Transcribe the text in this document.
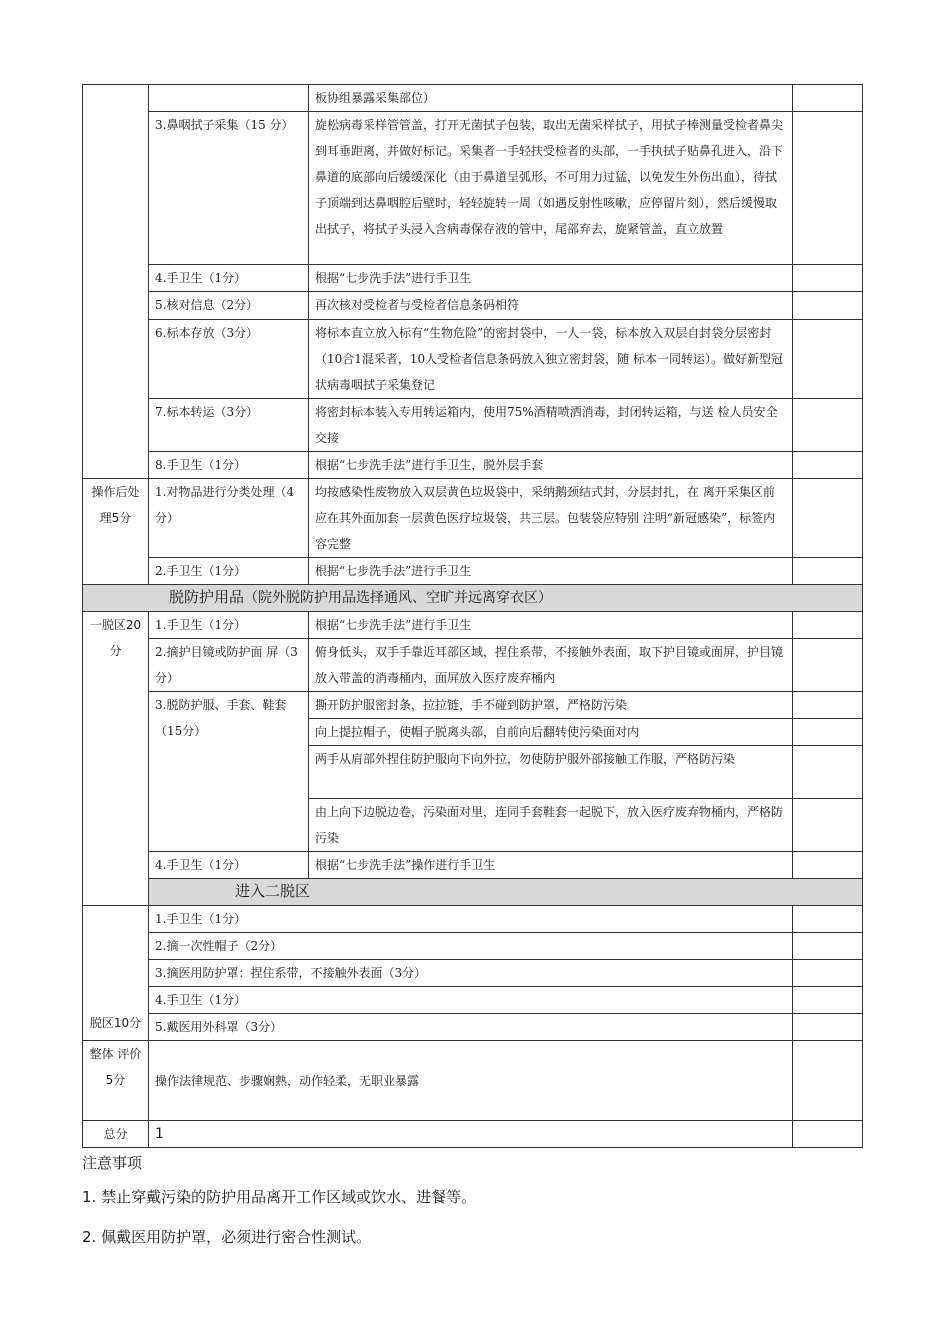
		板协组暴露采集部位）	
	3.鼻咽拭子采集（15 分）	旋松病毒采样管管盖，打开无菌拭子包装，取出无菌采样拭子，用拭子棒测量受检者鼻尖到耳垂距离，并做好标记。采集者一手轻扶受检者的头部，一手执拭子贴鼻孔进入，沿下鼻道的底部向后缓缓深化（由于鼻道呈弧形，不可用力过猛，以免发生外伤出血），待拭子顶端到达鼻咽腔后壁时，轻轻旋转一周（如遇反射性咳嗽，应停留片刻），然后缓慢取出拭子，将拭子头浸入含病毒保存液的管中，尾部弃去，旋紧管盖，直立放置	
	4.手卫生（1分）	根据“七步洗手法”进行手卫生	
	5.核对信息（2分）	再次核对受检者与受检者信息条码相符	
	6.标本存放（3分）	将标本直立放入标有“生物危险”的密封袋中，一人一袋，标本放入双层自封袋分层密封（10合1混采者，10人受检者信息条码放入独立密封袋，随 标本一同转运）。做好新型冠状病毒咽拭子采集登记	
	7.标本转运（3分）	将密封标本装入专用转运箱内，使用75%酒精喷洒消毒，封闭转运箱，与送 检人员安全交接	
	8.手卫生（1分）	根据“七步洗手法”进行手卫生，脱外层手套	
操作后处理5分	1.对物品进行分类处理（4分）	均按感染性废物放入双层黄色垃圾袋中，采纳鹅颈结式封，分层封扎，在 离开采集区前应在其外面加套一层黄色医疗垃圾袋，共三层。包装袋应特别 注明“新冠感染”，标签内容完整	
	2.手卫生（1分）	根据“七步洗手法”进行手卫生	
脱防护用品（院外脱防护用品选择通风、空旷并远离穿衣区）			
一脱区20分	1.手卫生（1分）	根据“七步洗手法”进行手卫生	
	2.摘护目镜或防护面 屏（3分）	俯身低头，双手手靠近耳部区域，捏住系带，不接触外表面，取下护目镜或面屏，护目镜放入带盖的消毒桶内，面屏放入医疗废弃桶内	
	3.脱防护服、手套、鞋套（15分）	撕开防护服密封条，拉拉链，手不碰到防护罩，严格防污染	
		向上提拉帽子，使帽子脱离头部，自前向后翻转使污染面对内	
		两手从肩部外捏住防护服向下向外拉，勿使防护服外部接触工作服，严格防污染	
		由上向下边脱边卷，污染面对里，连同手套鞋套一起脱下，放入医疗废弃物桶内，严格防污染	
	4.手卫生（1分）	根据“七步洗手法”操作进行手卫生	
	进入二脱区		
脱区10分	1.手卫生（1分）		
	2.摘一次性帽子（2分）		
	3.摘医用防护罩：捏住系带，不接触外表面（3分）		
	4.手卫生（1分）		
	5.戴医用外科罩（3分）		
整体 评价 5分	操作法律规范、步骤娴熟，动作轻柔，无职业暴露		
总分	1		
注意事项
1. 禁止穿戴污染的防护用品离开工作区域或饮水、进餐等。
2. 佩戴医用防护罩，必须进行密合性测试。
